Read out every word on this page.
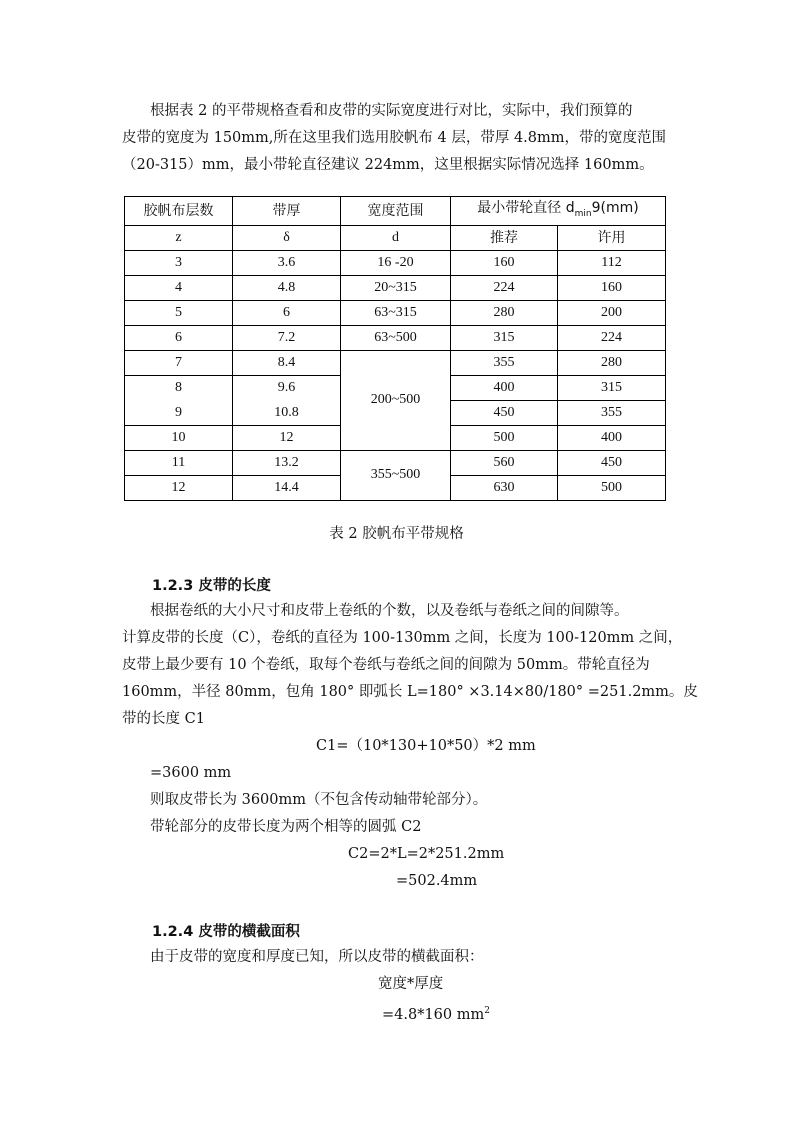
根据表 2 的平带规格查看和皮带的实际宽度进行对比，实际中，我们预算的
皮带的宽度为 150mm,所在这里我们选用胶帆布 4 层，带厚 4.8mm，带的宽度范围
（20-315）mm，最小带轮直径建议 224mm，这里根据实际情况选择 160mm。
胶帆布层数	带厚	宽度范围	最小带轮直径 $d_{min}9(mm)$	
z	δ	d	推荐	许用
3	3.6	16 -20	160	112
4	4.8	20~315	224	160
5	6	63~315	280	200
6	7.2	63~500	315	224
7	8.4	200~500	355	280
8	9.6		400	315
9	10.8		450	355
10	12		500	400
11	13.2	355~500	560	450
12	14.4		630	500
表 2 胶帆布平带规格
1.2.3 皮带的长度
根据卷纸的大小尺寸和皮带上卷纸的个数，以及卷纸与卷纸之间的间隙等。
计算皮带的长度（C），卷纸的直径为 100-130mm 之间，长度为 100-120mm 之间，
皮带上最少要有 10 个卷纸，取每个卷纸与卷纸之间的间隙为 50mm。带轮直径为
160mm，半径 80mm，包角 180° 即弧长 L=180° ×3.14×80/180° =251.2mm。皮
带的长度 C1
C1=（10*130+10*50）*2 mm
=3600 mm
则取皮带长为 3600mm（不包含传动轴带轮部分）。
带轮部分的皮带长度为两个相等的圆弧 C2
C2=2*L=2*251.2mm
=502.4mm
1.2.4 皮带的横截面积
由于皮带的宽度和厚度已知，所以皮带的横截面积：
宽度*厚度
=4.8*160 $mm^2$
